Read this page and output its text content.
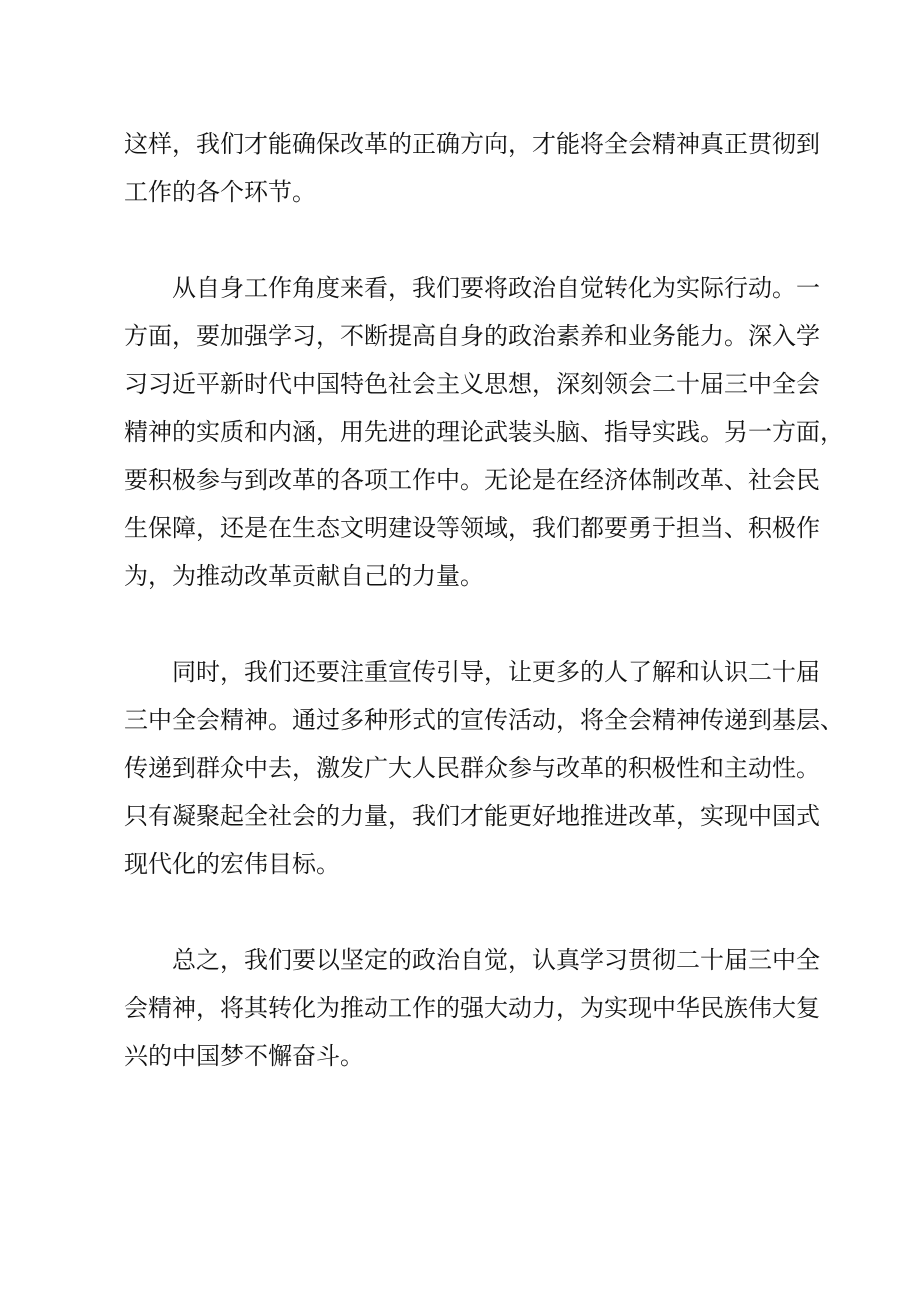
这样，我们才能确保改革的正确方向，才能将全会精神真正贯彻到
工作的各个环节。

从自身工作角度来看，我们要将政治自觉转化为实际行动。一
方面，要加强学习，不断提高自身的政治素养和业务能力。深入学
习习近平新时代中国特色社会主义思想，深刻领会二十届三中全会
精神的实质和内涵，用先进的理论武装头脑、指导实践。另一方面，
要积极参与到改革的各项工作中。无论是在经济体制改革、社会民
生保障，还是在生态文明建设等领域，我们都要勇于担当、积极作
为，为推动改革贡献自己的力量。

同时，我们还要注重宣传引导，让更多的人了解和认识二十届
三中全会精神。通过多种形式的宣传活动，将全会精神传递到基层、
传递到群众中去，激发广大人民群众参与改革的积极性和主动性。
只有凝聚起全社会的力量，我们才能更好地推进改革，实现中国式
现代化的宏伟目标。

总之，我们要以坚定的政治自觉，认真学习贯彻二十届三中全
会精神，将其转化为推动工作的强大动力，为实现中华民族伟大复
兴的中国梦不懈奋斗。
